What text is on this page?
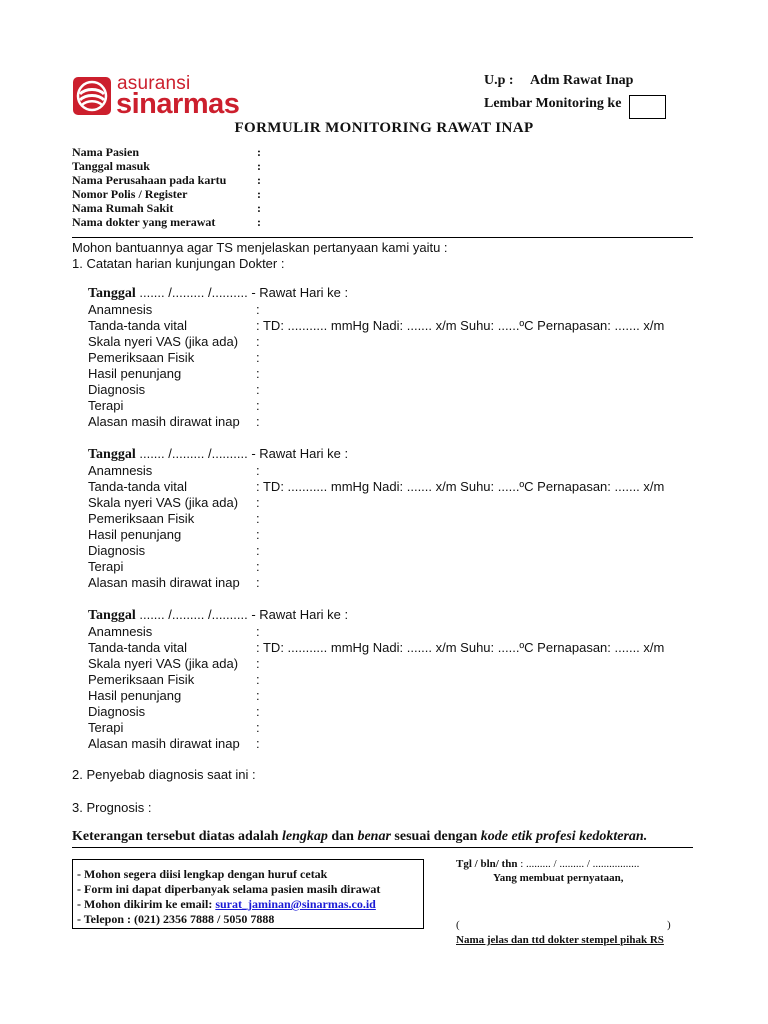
asuransi
sinarmas
U.p : Adm Rawat Inap
Lembar Monitoring ke
FORMULIR MONITORING RAWAT INAP
Nama Pasien	:
Tanggal masuk	:
Nama Perusahaan pada kartu	:
Nomor Polis / Register	:
Nama Rumah Sakit	:
Nama dokter yang merawat	:
Mohon bantuannya agar TS menjelaskan pertanyaan kami yaitu :
1. Catatan harian kunjungan Dokter :
Tanggal ....... /......... /.......... - Rawat Hari ke :
Anamnesis	:
Tanda-tanda vital	: TD: ........... mmHg Nadi: ....... x/m Suhu: ......ºC Pernapasan: ....... x/m
Skala nyeri VAS (jika ada) :
Pemeriksaan Fisik	:
Hasil penunjang	:
Diagnosis	:
Terapi	:
Alasan masih dirawat inap :
Tanggal ....... /......... /.......... - Rawat Hari ke :
Anamnesis	:
Tanda-tanda vital	: TD: ........... mmHg Nadi: ....... x/m Suhu: ......ºC Pernapasan: ....... x/m
Skala nyeri VAS (jika ada) :
Pemeriksaan Fisik	:
Hasil penunjang	:
Diagnosis	:
Terapi	:
Alasan masih dirawat inap :
Tanggal ....... /......... /.......... - Rawat Hari ke :
Anamnesis	:
Tanda-tanda vital	: TD: ........... mmHg Nadi: ....... x/m Suhu: ......ºC Pernapasan: ....... x/m
Skala nyeri VAS (jika ada) :
Pemeriksaan Fisik	:
Hasil penunjang	:
Diagnosis	:
Terapi	:
Alasan masih dirawat inap :
2. Penyebab diagnosis saat ini :
3. Prognosis :
Keterangan tersebut diatas adalah lengkap dan benar sesuai dengan kode etik profesi kedokteran.
- Mohon segera diisi lengkap dengan huruf cetak
- Form ini dapat diperbanyak selama pasien masih dirawat
- Mohon dikirim ke email: surat_jaminan@sinarmas.co.id
- Telepon : (021) 2356 7888 / 5050 7888
Tgl / bln/ thn : ......... / ......... / .................
Yang membuat pernyataan,
(	)
Nama jelas dan ttd dokter stempel pihak RS
